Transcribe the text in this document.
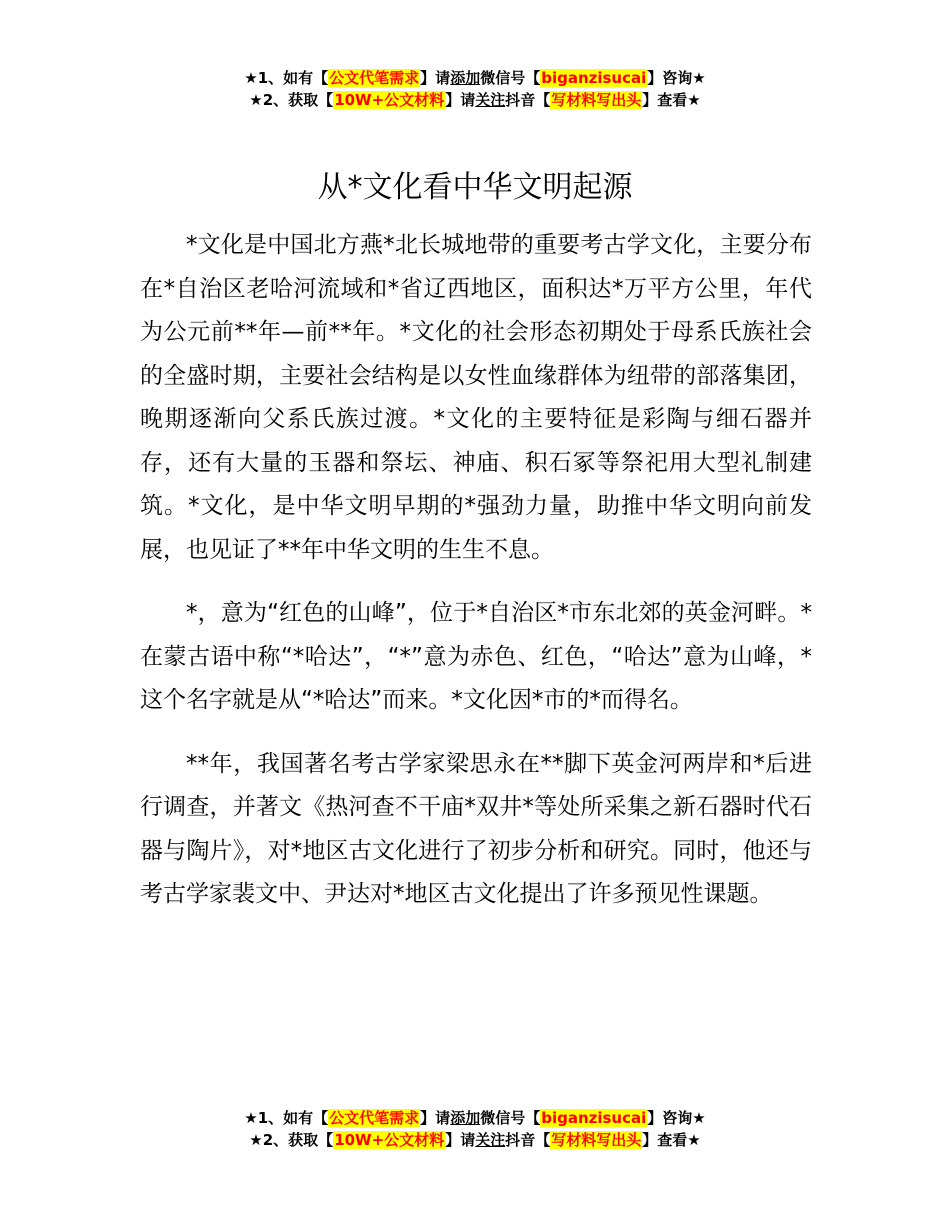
★1、如有【公文代笔需求】请添加微信号【biganzisucai】咨询★
★2、获取【10W+公文材料】请关注抖音【写材料写出头】查看★
从*文化看中华文明起源

*文化是中国北方燕*北长城地带的重要考古学文化，主要分布在*自治区老哈河流域和*省辽西地区，面积达*万平方公里，年代为公元前**年—前**年。*文化的社会形态初期处于母系氏族社会的全盛时期，主要社会结构是以女性血缘群体为纽带的部落集团，晚期逐渐向父系氏族过渡。*文化的主要特征是彩陶与细石器并存，还有大量的玉器和祭坛、神庙、积石冢等祭祀用大型礼制建筑。*文化，是中华文明早期的*强劲力量，助推中华文明向前发展，也见证了**年中华文明的生生不息。

*，意为“红色的山峰”，位于*自治区*市东北郊的英金河畔。*在蒙古语中称“*哈达”，“*”意为赤色、红色，“哈达”意为山峰，*这个名字就是从“*哈达”而来。*文化因*市的*而得名。

**年，我国著名考古学家梁思永在**脚下英金河两岸和*后进行调查，并著文《热河查不干庙*双井*等处所采集之新石器时代石器与陶片》，对*地区古文化进行了初步分析和研究。同时，他还与考古学家裴文中、尹达对*地区古文化提出了许多预见性课题。

★1、如有【公文代笔需求】请添加微信号【biganzisucai】咨询★
★2、获取【10W+公文材料】请关注抖音【写材料写出头】查看★
